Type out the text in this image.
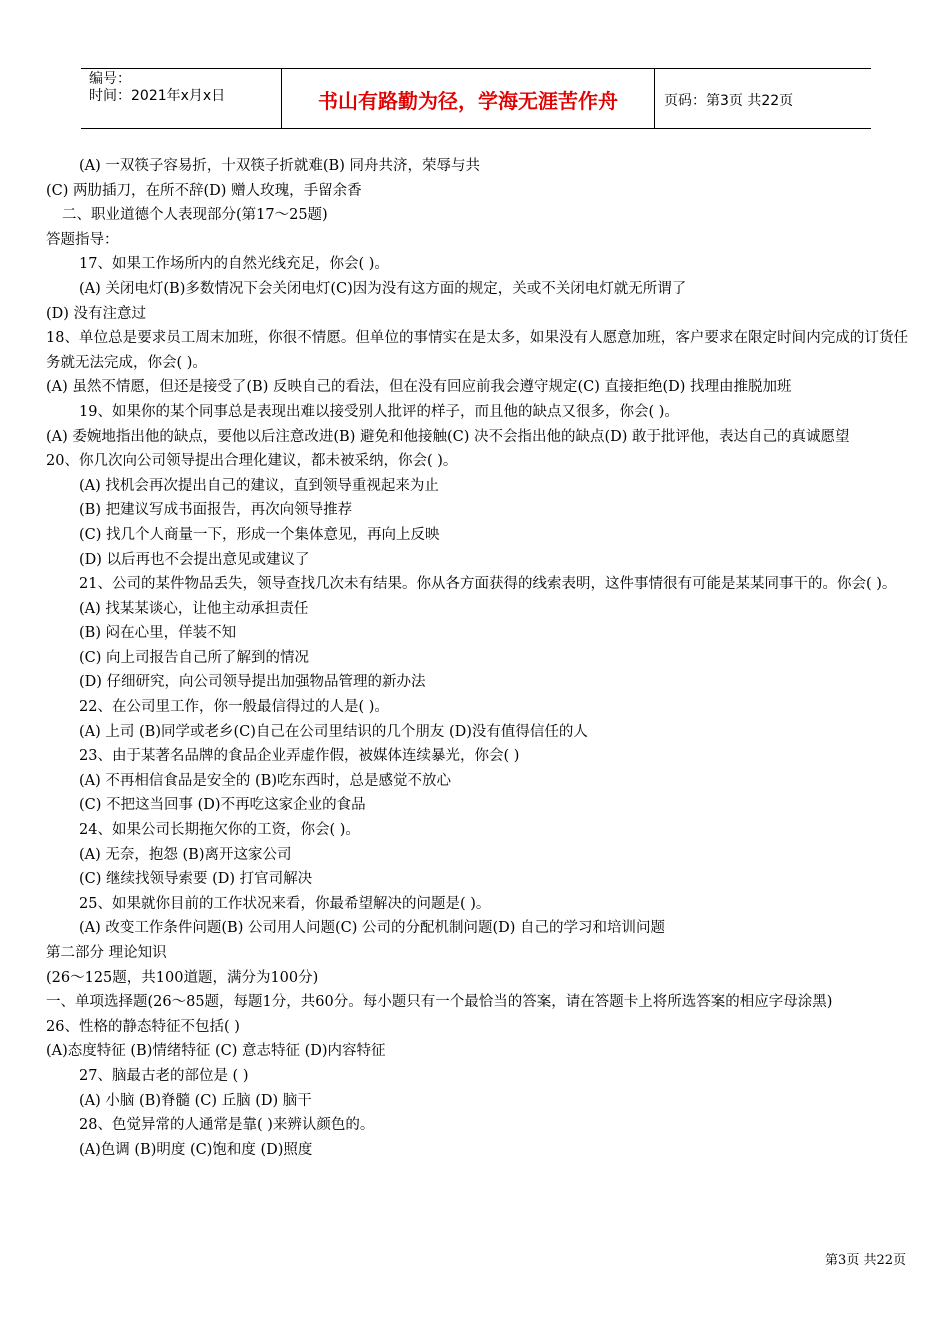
编号：
时间：2021年x月x日	书山有路勤为径，学海无涯苦作舟	页码：第3页 共22页
(A) 一双筷子容易折，十双筷子折就难(B) 同舟共济，荣辱与共
(C) 两肋插刀，在所不辞(D) 赠人玫瑰，手留余香
二、职业道德个人表现部分(第17～25题)
答题指导：
17、如果工作场所内的自然光线充足，你会( )。
(A) 关闭电灯(B)多数情况下会关闭电灯(C)因为没有这方面的规定，关或不关闭电灯就无所谓了
(D) 没有注意过
18、单位总是要求员工周末加班，你很不情愿。但单位的事情实在是太多，如果没有人愿意加班，客户要求在限定时间内完成的订货任务就无法完成，你会( )。
(A) 虽然不情愿，但还是接受了(B) 反映自己的看法，但在没有回应前我会遵守规定(C) 直接拒绝(D) 找理由推脱加班
19、如果你的某个同事总是表现出难以接受别人批评的样子，而且他的缺点又很多，你会( )。
(A) 委婉地指出他的缺点，要他以后注意改进(B) 避免和他接触(C) 决不会指出他的缺点(D) 敢于批评他，表达自己的真诚愿望
20、你几次向公司领导提出合理化建议，都未被采纳，你会( )。
(A) 找机会再次提出自己的建议，直到领导重视起来为止
(B) 把建议写成书面报告，再次向领导推荐
(C) 找几个人商量一下，形成一个集体意见，再向上反映
(D) 以后再也不会提出意见或建议了
21、公司的某件物品丢失，领导查找几次未有结果。你从各方面获得的线索表明，这件事情很有可能是某某同事干的。你会( )。
(A) 找某某谈心，让他主动承担责任
(B) 闷在心里，佯装不知
(C) 向上司报告自己所了解到的情况
(D) 仔细研究，向公司领导提出加强物品管理的新办法
22、在公司里工作，你一般最信得过的人是( )。
(A) 上司 (B)同学或老乡(C)自己在公司里结识的几个朋友 (D)没有值得信任的人
23、由于某著名品牌的食品企业弄虚作假，被媒体连续暴光，你会( )
(A) 不再相信食品是安全的 (B)吃东西时，总是感觉不放心
(C) 不把这当回事 (D)不再吃这家企业的食品
24、如果公司长期拖欠你的工资，你会( )。
(A) 无奈，抱怨 (B)离开这家公司
(C) 继续找领导索要 (D) 打官司解决
25、如果就你目前的工作状况来看，你最希望解决的问题是( )。
(A) 改变工作条件问题(B) 公司用人问题(C) 公司的分配机制问题(D) 自己的学习和培训问题
第二部分 理论知识
(26～125题，共100道题，满分为100分)
一、单项选择题(26～85题，每题1分，共60分。每小题只有一个最恰当的答案，请在答题卡上将所选答案的相应字母涂黑)
26、性格的静态特征不包括( )
(A)态度特征 (B)情绪特征 (C) 意志特征 (D)内容特征
27、脑最古老的部位是 ( )
(A) 小脑 (B)脊髓 (C) 丘脑 (D) 脑干
28、色觉异常的人通常是靠( )来辨认颜色的。
(A)色调 (B)明度 (C)饱和度 (D)照度
第3页 共22页
